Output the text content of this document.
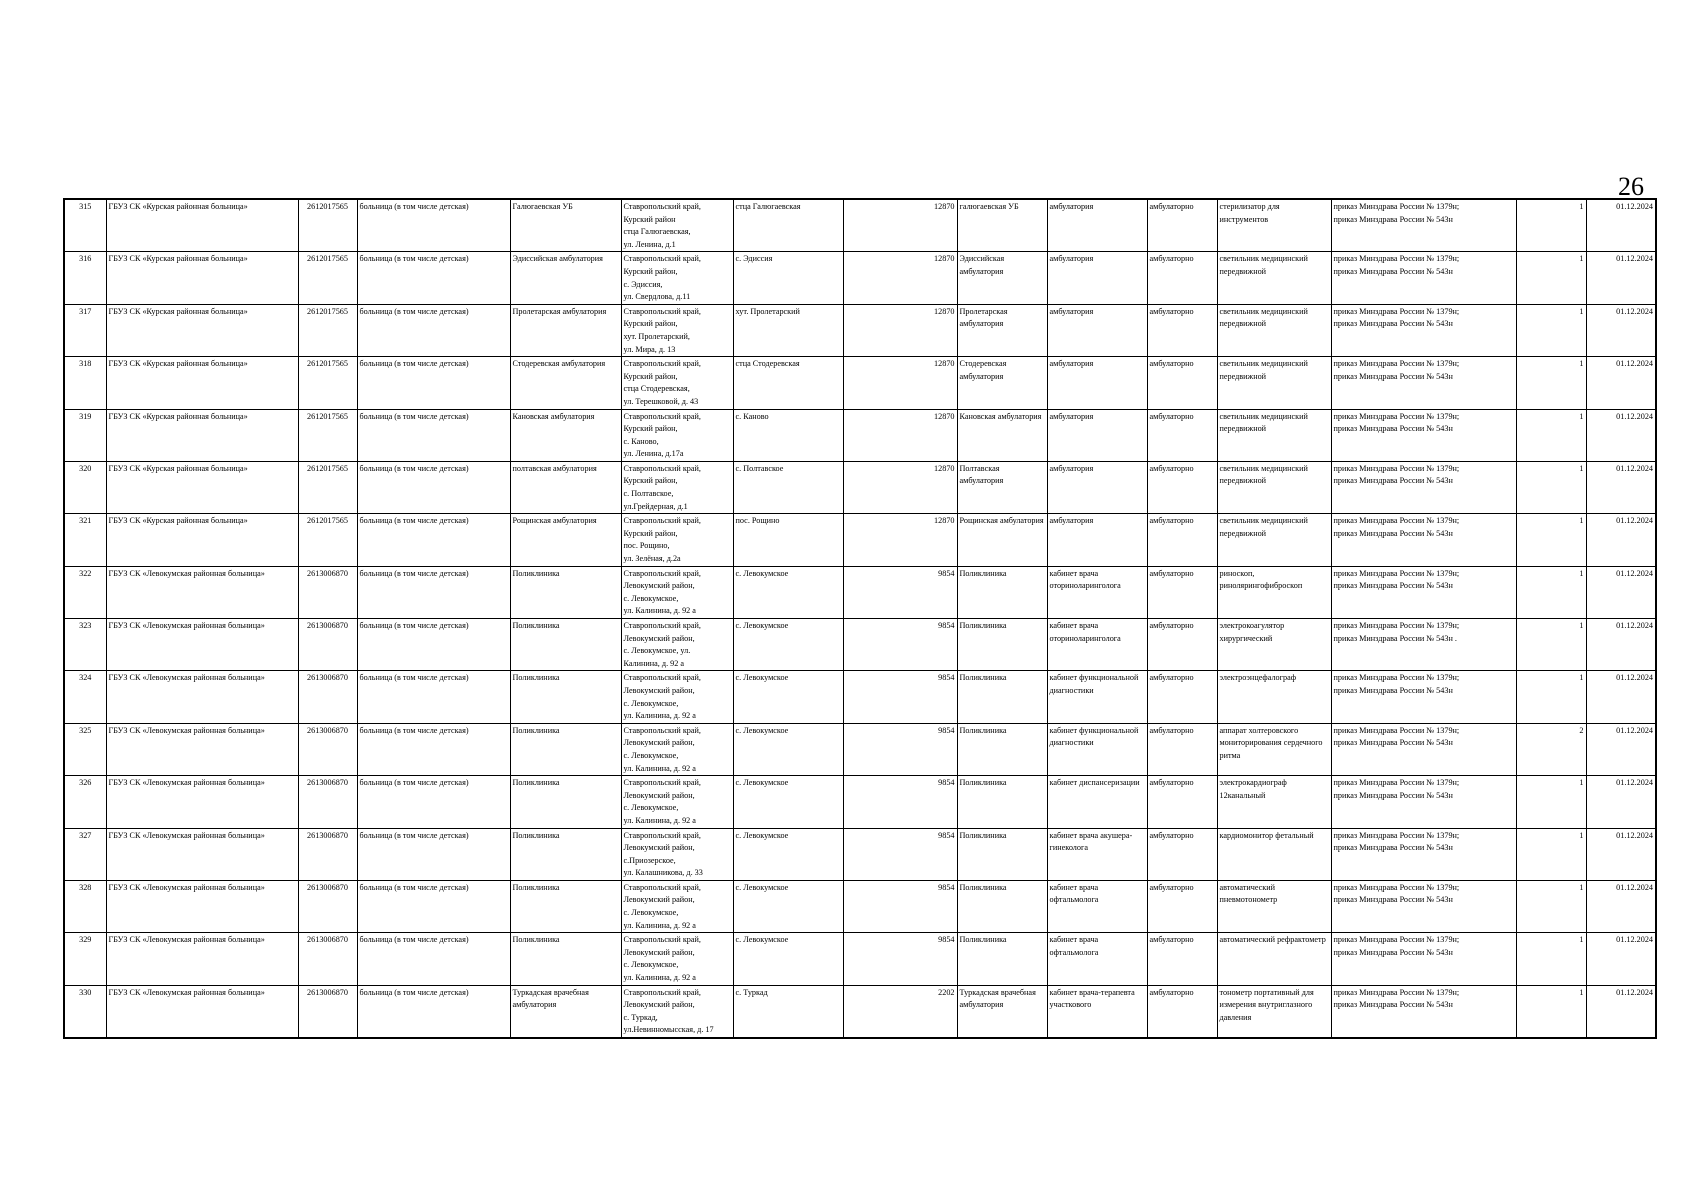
26
315	ГБУЗ СК «Курская районная больница»	2612017565	больница (в том числе детская)	Галюгаевская УБ	Ставропольский край,
Курский район
стца Галюгаевская,
ул. Ленина, д.1	стца Галюгаевская	12870	галюгаевская УБ	амбулатория	амбулаторно	стерилизатор для инструментов	приказ Минздрава России № 1379н;
приказ Минздрава России № 543н	1	01.12.2024
316	ГБУЗ СК «Курская районная больница»	2612017565	больница (в том числе детская)	Эдиссийская амбулатория	Ставропольский край,
Курский район,
с. Эдиссия,
ул. Свердлова, д.11	с. Эдиссия	12870	Эдиссийская амбулатория	амбулатория	амбулаторно	светильник медицинский передвижной	приказ Минздрава России № 1379н;
приказ Минздрава России № 543н	1	01.12.2024
317	ГБУЗ СК «Курская районная больница»	2612017565	больница (в том числе детская)	Пролетарская амбулатория	Ставропольский край,
Курский район,
хут. Пролетарский,
ул. Мира, д. 13	хут. Пролетарский	12870	Пролетарская амбулатория	амбулатория	амбулаторно	светильник медицинский передвижной	приказ Минздрава России № 1379н;
приказ Минздрава России № 543н	1	01.12.2024
318	ГБУЗ СК «Курская районная больница»	2612017565	больница (в том числе детская)	Стодеревская амбулатория	Ставропольский край,
Курский район,
стца Стодеревская,
ул. Терешковой, д. 43	стца Стодеревская	12870	Стодеревская амбулатория	амбулатория	амбулаторно	светильник медицинский передвижной	приказ Минздрава России № 1379н;
приказ Минздрава России № 543н	1	01.12.2024
319	ГБУЗ СК «Курская районная больница»	2612017565	больница (в том числе детская)	Кановская амбулатория	Ставропольский край,
Курский район,
с. Каново,
ул. Ленина, д.17а	с. Каново	12870	Кановская амбулатория	амбулатория	амбулаторно	светильник медицинский передвижной	приказ Минздрава России № 1379н;
приказ Минздрава России № 543н	1	01.12.2024
320	ГБУЗ СК «Курская районная больница»	2612017565	больница (в том числе детская)	полтавская амбулатория	Ставропольский край,
Курский район,
с. Полтавское,
ул.Грейдерная, д.1	с. Полтавское	12870	Полтавская амбулатория	амбулатория	амбулаторно	светильник медицинский передвижной	приказ Минздрава России № 1379н;
приказ Минздрава России № 543н	1	01.12.2024
321	ГБУЗ СК «Курская районная больница»	2612017565	больница (в том числе детская)	Рощинская амбулатория	Ставропольский край,
Курский район,
пос. Рощино,
ул. Зелёная, д.2а	пос. Рощино	12870	Рощинская амбулатория	амбулатория	амбулаторно	светильник медицинский передвижной	приказ Минздрава России № 1379н;
приказ Минздрава России № 543н	1	01.12.2024
322	ГБУЗ СК «Левокумская районная больница»	2613006870	больница (в том числе детская)	Поликлиника	Ставропольский край,
Левокумский район,
с. Левокумское,
ул. Калинина, д. 92 а	с. Левокумское	9854	Поликлиника	кабинет врача оториноларинголога	амбулаторно	риноскоп, ринолярингофиброскоп	приказ Минздрава России № 1379н;
приказ Минздрава России № 543н	1	01.12.2024
323	ГБУЗ СК «Левокумская районная больница»	2613006870	больница (в том числе детская)	Поликлиника	Ставропольский край,
Левокумский район,
с. Левокумское, ул.
Калинина, д. 92 а	с. Левокумское	9854	Поликлиника	кабинет врача оториноларинголога	амбулаторно	электрокоагулятор хирургический	приказ Минздрава России № 1379н;
приказ Минздрава России № 543н .	1	01.12.2024
324	ГБУЗ СК «Левокумская районная больница»	2613006870	больница (в том числе детская)	Поликлиника	Ставропольский край,
Левокумский район,
с. Левокумское,
ул. Калинина, д. 92 а	с. Левокумское	9854	Поликлиника	кабинет функциональной диагностики	амбулаторно	электроэнцефалограф	приказ Минздрава России № 1379н;
приказ Минздрава России № 543н	1	01.12.2024
325	ГБУЗ СК «Левокумская районная больница»	2613006870	больница (в том числе детская)	Поликлиника	Ставропольский край,
Левокумский район,
с. Левокумское,
ул. Калинина, д. 92 а	с. Левокумское	9854	Поликлиника	кабинет функциональной диагностики	амбулаторно	аппарат холтеровского мониторирования сердечного ритма	приказ Минздрава России № 1379н;
приказ Минздрава России № 543н	2	01.12.2024
326	ГБУЗ СК «Левокумская районная больница»	2613006870	больница (в том числе детская)	Поликлиника	Ставропольский край,
Левокумский район,
с. Левокумское,
ул. Калинина, д. 92 а	с. Левокумское	9854	Поликлиника	кабинет диспансеризации	амбулаторно	электрокардиограф 12канальный	приказ Минздрава России № 1379н;
приказ Минздрава России № 543н	1	01.12.2024
327	ГБУЗ СК «Левокумская районная больница»	2613006870	больница (в том числе детская)	Поликлиника	Ставропольский край,
Левокумский район,
с.Приозерское,
ул. Калашникова, д. 33	с. Левокумское	9854	Поликлиника	кабинет врача акушера-гинеколога	амбулаторно	кардиомонитор фетальный	приказ Минздрава России № 1379н;
приказ Минздрава России № 543н	1	01.12.2024
328	ГБУЗ СК «Левокумская районная больница»	2613006870	больница (в том числе детская)	Поликлиника	Ставропольский край,
Левокумский район,
с. Левокумское,
ул. Калинина, д. 92 а	с. Левокумское	9854	Поликлиника	кабинет врача офтальмолога	амбулаторно	автоматический пневмотонометр	приказ Минздрава России № 1379н;
приказ Минздрава России № 543н	1	01.12.2024
329	ГБУЗ СК «Левокумская районная больница»	2613006870	больница (в том числе детская)	Поликлиника	Ставропольский край,
Левокумский район,
с. Левокумское,
ул. Калинина, д. 92 а	с. Левокумское	9854	Поликлиника	кабинет врача офтальмолога	амбулаторно	автоматический рефрактометр	приказ Минздрава России № 1379н;
приказ Минздрава России № 543н	1	01.12.2024
330	ГБУЗ СК «Левокумская районная больница»	2613006870	больница (в том числе детская)	Туркадская врачебная амбулатория	Ставропольский край,
Левокумский район,
с. Туркад,
ул.Невинномысская, д. 17	с. Туркад	2202	Туркадская врачебная амбулатория	кабинет врача-терапевта участкового	амбулаторно	тонометр портативный для измерения внутриглазного давления	приказ Минздрава России № 1379н;
приказ Минздрава России № 543н	1	01.12.2024
